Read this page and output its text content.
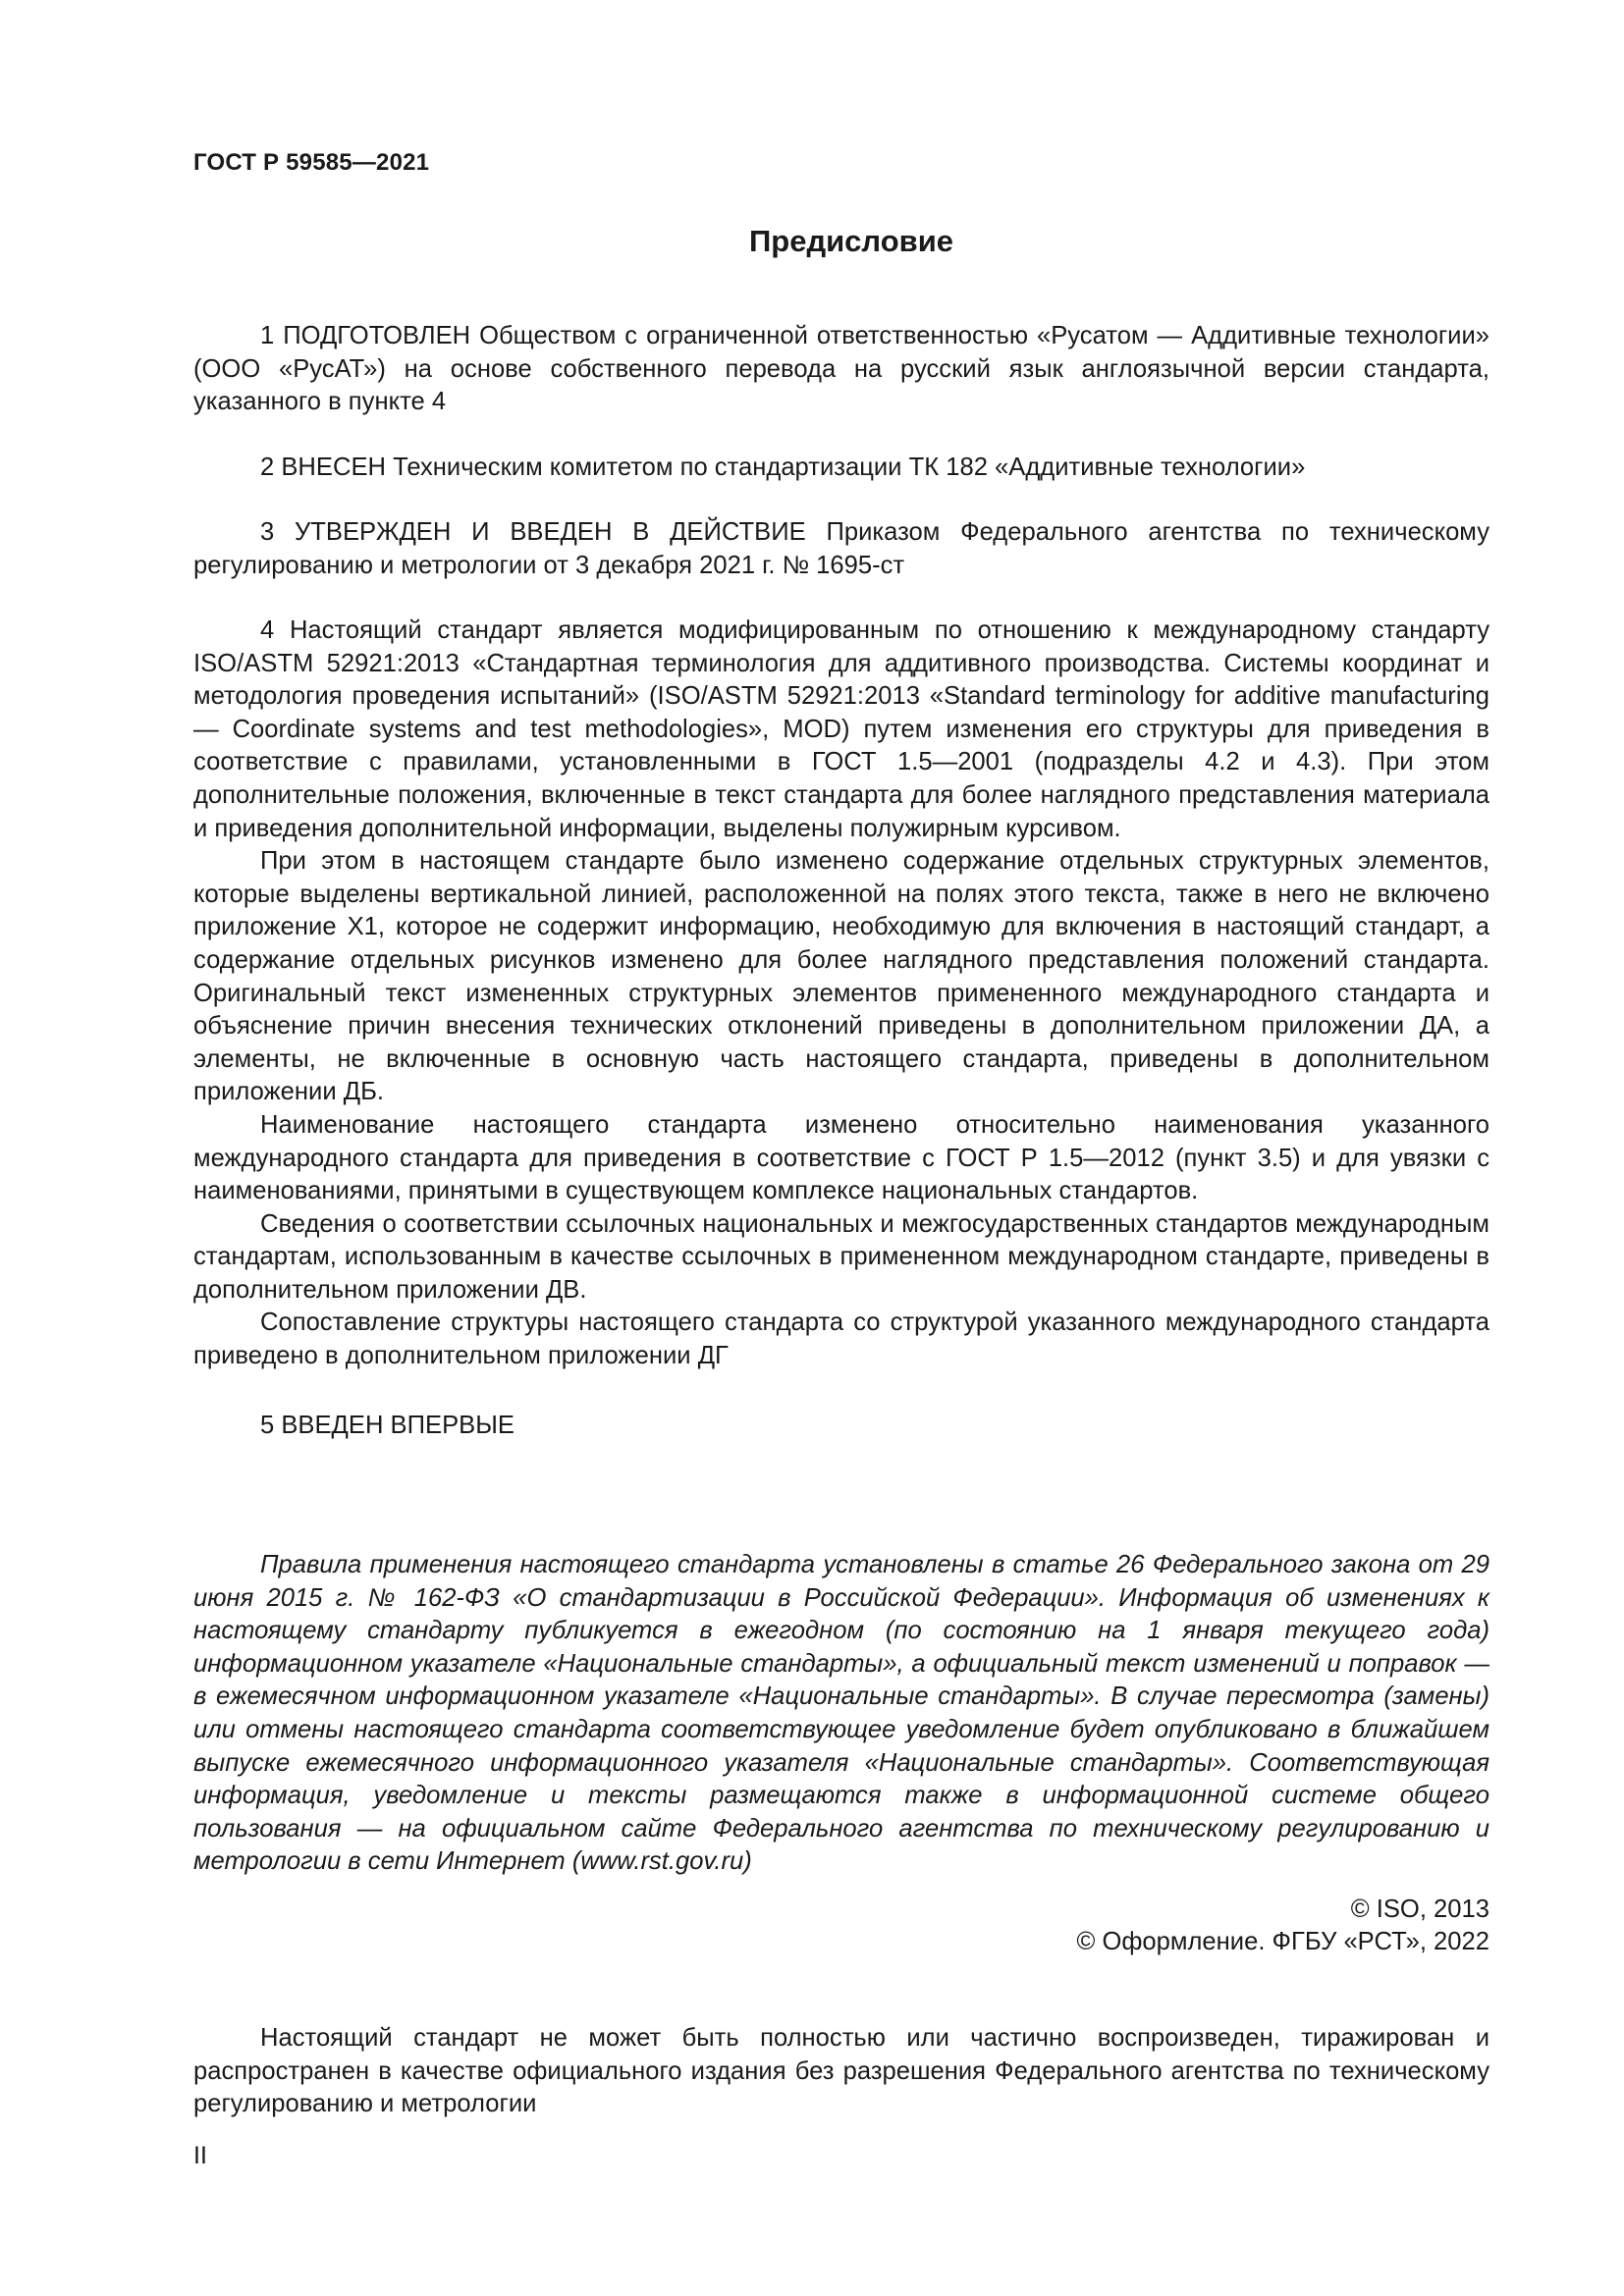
ГОСТ Р 59585—2021
Предисловие

1 ПОДГОТОВЛЕН Обществом с ограниченной ответственностью «Русатом — Аддитивные технологии» (ООО «РусАТ») на основе собственного перевода на русский язык англоязычной версии стандарта, указанного в пункте 4

2 ВНЕСЕН Техническим комитетом по стандартизации ТК 182 «Аддитивные технологии»

3 УТВЕРЖДЕН И ВВЕДЕН В ДЕЙСТВИЕ Приказом Федерального агентства по техническому регулированию и метрологии от 3 декабря 2021 г. № 1695-ст

4 Настоящий стандарт является модифицированным по отношению к международному стандарту ISO/ASTM 52921:2013 «Стандартная терминология для аддитивного производства. Системы координат и методология проведения испытаний» (ISO/ASTM 52921:2013 «Standard terminology for additive manufacturing — Coordinate systems and test methodologies», MOD) путем изменения его структуры для приведения в соответствие с правилами, установленными в ГОСТ 1.5—2001 (подразделы 4.2 и 4.3). При этом дополнительные положения, включенные в текст стандарта для более наглядного представления материала и приведения дополнительной информации, выделены полужирным курсивом.

При этом в настоящем стандарте было изменено содержание отдельных структурных элементов, которые выделены вертикальной линией, расположенной на полях этого текста, также в него не включено приложение Х1, которое не содержит информацию, необходимую для включения в настоящий стандарт, а содержание отдельных рисунков изменено для более наглядного представления положений стандарта. Оригинальный текст измененных структурных элементов примененного международного стандарта и объяснение причин внесения технических отклонений приведены в дополнительном приложении ДА, а элементы, не включенные в основную часть настоящего стандарта, приведены в дополнительном приложении ДБ.

Наименование настоящего стандарта изменено относительно наименования указанного международного стандарта для приведения в соответствие с ГОСТ Р 1.5—2012 (пункт 3.5) и для увязки с наименованиями, принятыми в существующем комплексе национальных стандартов.

Сведения о соответствии ссылочных национальных и межгосударственных стандартов международным стандартам, использованным в качестве ссылочных в примененном международном стандарте, приведены в дополнительном приложении ДВ.

Сопоставление структуры настоящего стандарта со структурой указанного международного стандарта приведено в дополнительном приложении ДГ

5 ВВЕДЕН ВПЕРВЫЕ

Правила применения настоящего стандарта установлены в статье 26 Федерального закона от 29 июня 2015 г. № 162-ФЗ «О стандартизации в Российской Федерации». Информация об изменениях к настоящему стандарту публикуется в ежегодном (по состоянию на 1 января текущего года) информационном указателе «Национальные стандарты», а официальный текст изменений и поправок — в ежемесячном информационном указателе «Национальные стандарты». В случае пересмотра (замены) или отмены настоящего стандарта соответствующее уведомление будет опубликовано в ближайшем выпуске ежемесячного информационного указателя «Национальные стандарты». Соответствующая информация, уведомление и тексты размещаются также в информационной системе общего пользования — на официальном сайте Федерального агентства по техническому регулированию и метрологии в сети Интернет (www.rst.gov.ru)

© ISO, 2013
© Оформление. ФГБУ «РСТ», 2022

Настоящий стандарт не может быть полностью или частично воспроизведен, тиражирован и распространен в качестве официального издания без разрешения Федерального агентства по техническому регулированию и метрологии

II
